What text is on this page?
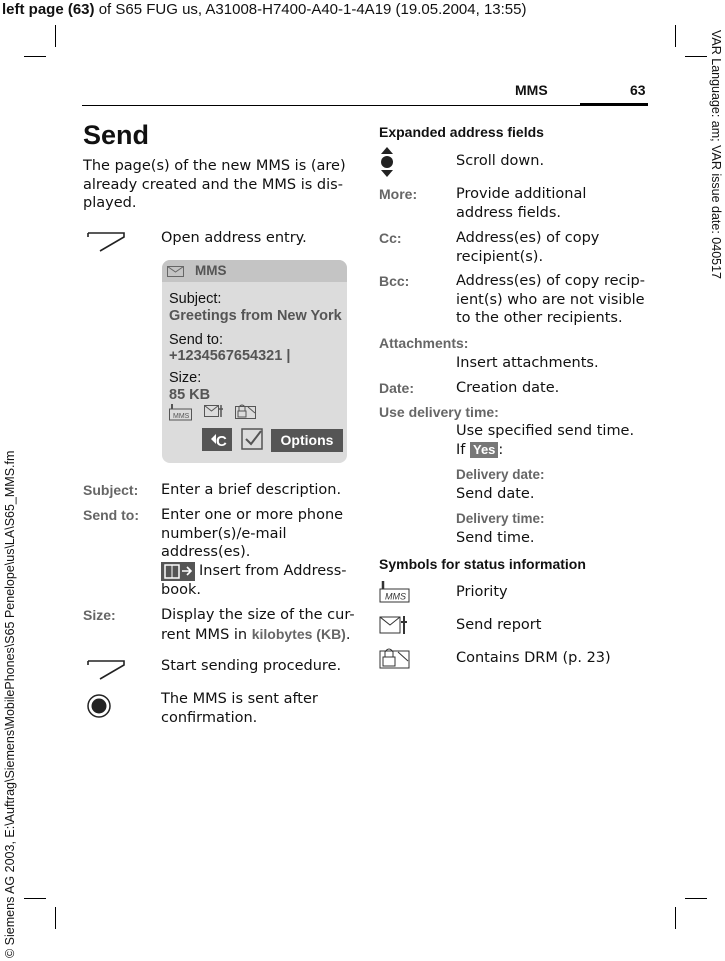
left page (63) of S65 FUG us, A31008-H7400-A40-1-4A19 (19.05.2004, 13:55)
VAR Language: am; VAR issue date: 040517
© Siemens AG 2003, E:\Auftrag\Siemens\MobilePhones\S65 Penelope\us\LA\S65_MMS.fm
MMS	63
Send
The page(s) of the new MMS is (are) already created and the MMS is dis-played.
Open address entry.
MMS
Subject:
Greetings from New York
Send to:
+1234567654321 |
Size:
85 KB
MMS
C	Options
Subject: Enter a brief description.
Send to: Enter one or more phone number(s)/e-mail address(es).
Insert from Address-book.
Size:	Display the size of the cur-rent MMS in kilobytes (KB).
Start sending procedure.
The MMS is sent after confirmation.
Expanded address fields
Scroll down.
More:	Provide additional address fields.
Cc:	Address(es) of copy recipient(s).
Bcc:	Address(es) of copy recip-ient(s) who are not visible to the other recipients.
Attachments:
Insert attachments.
Date:	Creation date.
Use delivery time:
Use specified send time.
If Yes :
Delivery date:
Send date.
Delivery time:
Send time.
Symbols for status information
MMS	Priority
Send report
Contains DRM (p. 23)
